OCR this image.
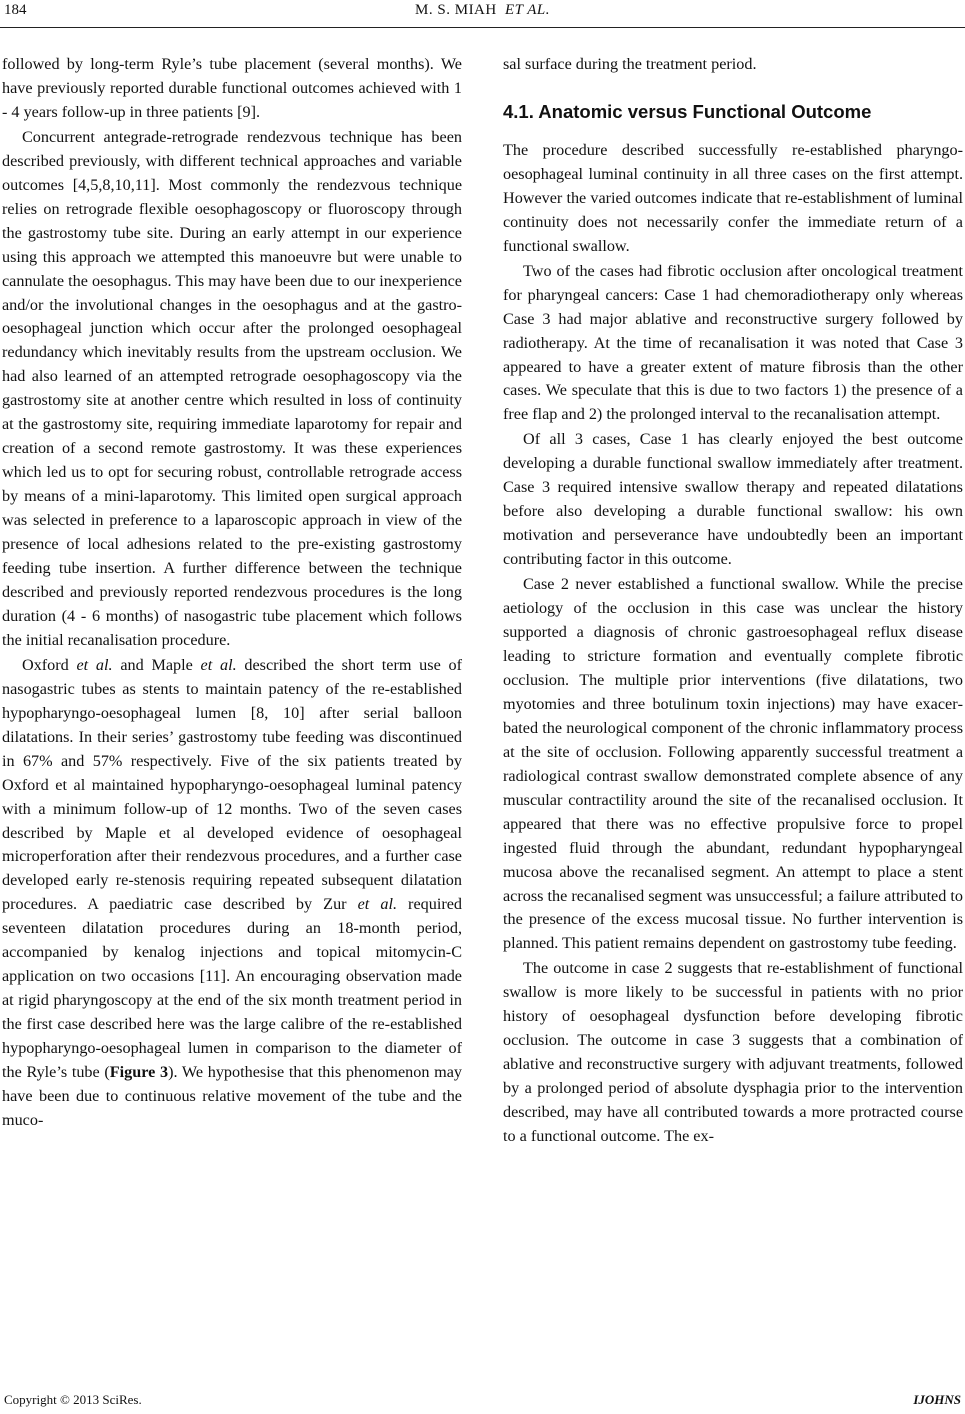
184	M. S. MIAH ET AL.

followed by long-term Ryle’s tube placement (several months). We have previously reported durable functional outcomes achieved with 1 - 4 years follow-up in three patients [9].

Concurrent antegrade-retrograde rendezvous technique has been described previously, with different technical approaches and variable outcomes [4,5,8,10,11]. Most commonly the rendezvous technique relies on retrograde flexible oesophagoscopy or fluoroscopy through the gastrostomy tube site. During an early attempt in our experience using this approach we attempted this manoeuvre but were unable to cannulate the oesophagus. This may have been due to our inexperience and/or the involutional changes in the oesophagus and at the gastro-oesophageal junction which occur after the prolonged oesophageal redundancy which inevitably results from the upstream occlusion. We had also learned of an attempted retrograde oesophagoscopy via the gastrostomy site at another centre which resulted in loss of continuity at the gastrostomy site, requiring immediate laparotomy for repair and creation of a second remote gastrostomy. It was these experiences which led us to opt for securing robust, controllable retrograde access by means of a mini-laparotomy. This limited open surgical approach was selected in preference to a laparoscopic approach in view of the presence of local adhesions related to the pre-existing gastrostomy feeding tube insertion. A further difference between the technique described and previously reported rendezvous procedures is the long duration (4 - 6 months) of nasogastric tube placement which follows the initial recanalisation procedure.

Oxford et al. and Maple et al. described the short term use of nasogastric tubes as stents to maintain patency of the re-established hypopharyngo-oesophageal lumen [8, 10] after serial balloon dilatations. In their series’ gastrostomy tube feeding was discontinued in 67% and 57% respectively. Five of the six patients treated by Oxford et al maintained hypopharyngo-oesophageal luminal patency with a minimum follow-up of 12 months. Two of the seven cases described by Maple et al developed evidence of oesophageal microperforation after their rendezvous procedures, and a further case developed early re-stenosis requiring repeated subsequent dilatation procedures. A paediatric case described by Zur et al. required seventeen dilatation procedures during an 18-month period, accompanied by kenalog injections and topical mitomycin-C application on two occasions [11]. An encouraging observation made at rigid pharyngoscopy at the end of the six month treatment period in the first case described here was the large calibre of the re-established hypopharyngo-oesophageal lumen in comparison to the diameter of the Ryle’s tube (Figure 3). We hypothesise that this phenomenon may have been due to continuous relative movement of the tube and the muco-

sal surface during the treatment period.

4.1. Anatomic versus Functional Outcome

The procedure described successfully re-established pharyngo-oesophageal luminal continuity in all three cases on the first attempt. However the varied outcomes indicate that re-establishment of luminal continuity does not necessarily confer the immediate return of a functional swallow.

Two of the cases had fibrotic occlusion after oncological treatment for pharyngeal cancers: Case 1 had chemoradiotherapy only whereas Case 3 had major ablative and reconstructive surgery followed by radiotherapy. At the time of recanalisation it was noted that Case 3 appeared to have a greater extent of mature fibrosis than the other cases. We speculate that this is due to two factors 1) the presence of a free flap and 2) the prolonged interval to the recanalisation attempt.

Of all 3 cases, Case 1 has clearly enjoyed the best outcome developing a durable functional swallow immediately after treatment. Case 3 required intensive swallow therapy and repeated dilatations before also developing a durable functional swallow: his own motivation and perseverance have undoubtedly been an important contributing factor in this outcome.

Case 2 never established a functional swallow. While the precise aetiology of the occlusion in this case was unclear the history supported a diagnosis of chronic gastroesophageal reflux disease leading to stricture formation and eventually complete fibrotic occlusion. The multiple prior interventions (five dilatations, two myotomies and three botulinum toxin injections) may have exacerbated the neurological component of the chronic inflammatory process at the site of occlusion. Following apparently successful treatment a radiological contrast swallow demonstrated complete absence of any muscular contractility around the site of the recanalised occlusion. It appeared that there was no effective propulsive force to propel ingested fluid through the abundant, redundant hypopharyngeal mucosa above the recanalised segment. An attempt to place a stent across the recanalised segment was unsuccessful; a failure attributed to the presence of the excess mucosal tissue. No further intervention is planned. This patient remains dependent on gastrostomy tube feeding.

The outcome in case 2 suggests that re-establishment of functional swallow is more likely to be successful in patients with no prior history of oesophageal dysfunction before developing fibrotic occlusion. The outcome in case 3 suggests that a combination of ablative and reconstructive surgery with adjuvant treatments, followed by a prolonged period of absolute dysphagia prior to the intervention described, may have all contributed towards a more protracted course to a functional outcome. The ex-

Copyright © 2013 SciRes.	IJOHNS
